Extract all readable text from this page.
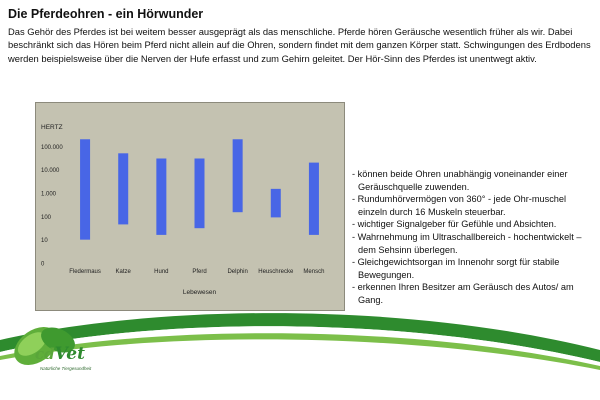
Die Pferdeohren - ein Hörwunder

Das Gehör des Pferdes ist bei weitem besser ausgeprägt als das menschliche. Pferde hören Geräusche wesentlich früher als wir. Dabei beschränkt sich das Hören beim Pferd nicht allein auf die Ohren, sondern findet mit dem ganzen Körper statt. Schwingungen des Erdbodens werden beispielsweise über die Nerven der Hufe erfasst und zum Gehirn geleitet. Der Hör-Sinn des Pferdes ist unentwegt aktiv.

HERTZ
0
10
100
1.000
10.000
100.000
Fledermaus Katze	Hund	Pferd	Delphin Heuschrecke Mensch
Lebewesen
- können beide Ohren unabhängig voneinander einer Geräuschquelle zuwenden.
- Rundumhörvermögen von 360° - jede Ohr-muschel einzeln durch 16 Muskeln steuerbar.
- wichtiger Signalgeber für Gefühle und Absichten.
- Wahrnehmung im Ultraschallbereich - hochentwickelt – dem Sehsinn überlegen.
- Gleichgewichtsorgan im Innenohr sorgt für stabile Bewegungen.
- erkennen Ihren Besitzer am Geräusch des Autos/ am Gang.

cdVet

Natürliche Tiergesundheit
